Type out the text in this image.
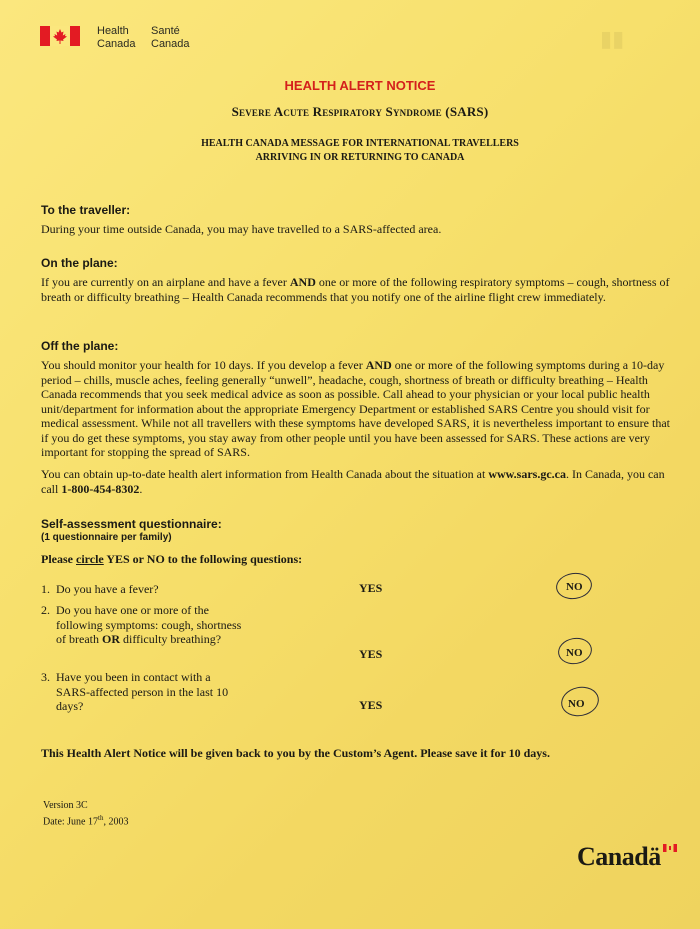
Health
Canada
Santé
Canada	▮▮
HEALTH ALERT NOTICE
Severe Acute Respiratory Syndrome (SARS)
HEALTH CANADA MESSAGE FOR INTERNATIONAL TRAVELLERS
ARRIVING IN OR RETURNING TO CANADA
To the traveller:
During your time outside Canada, you may have travelled to a SARS-affected area.
On the plane:
If you are currently on an airplane and have a fever AND one or more of the following respiratory symptoms – cough, shortness of breath or difficulty breathing – Health Canada recommends that you notify one of the airline flight crew immediately.
Off the plane:
You should monitor your health for 10 days. If you develop a fever AND one or more of the following symptoms during a 10-day period – chills, muscle aches, feeling generally “unwell”, headache, cough, shortness of breath or difficulty breathing – Health Canada recommends that you seek medical advice as soon as possible. Call ahead to your physician or your local public health unit/department for information about the appropriate Emergency Department or established SARS Centre you should visit for medical assessment. While not all travellers with these symptoms have developed SARS, it is nevertheless important to ensure that if you do get these symptoms, you stay away from other people until you have been assessed for SARS. These actions are very important for stopping the spread of SARS.
You can obtain up-to-date health alert information from Health Canada about the situation at www.sars.gc.ca. In Canada, you can call 1-800-454-8302.
Self-assessment questionnaire:
(1 questionnaire per family)
Please circle YES or NO to the following questions:
1. Do you have a fever?	YES	NO
2. Do you have one or more of the following symptoms: cough, shortness of breath OR difficulty breathing?
YES	NO
3. Have you been in contact with a SARS-affected person in the last 10 days?	YES	NO
This Health Alert Notice will be given back to you by the Custom’s Agent. Please save it for 10 days.
Version 3C
Date: June 17th, 2003
Canadä
